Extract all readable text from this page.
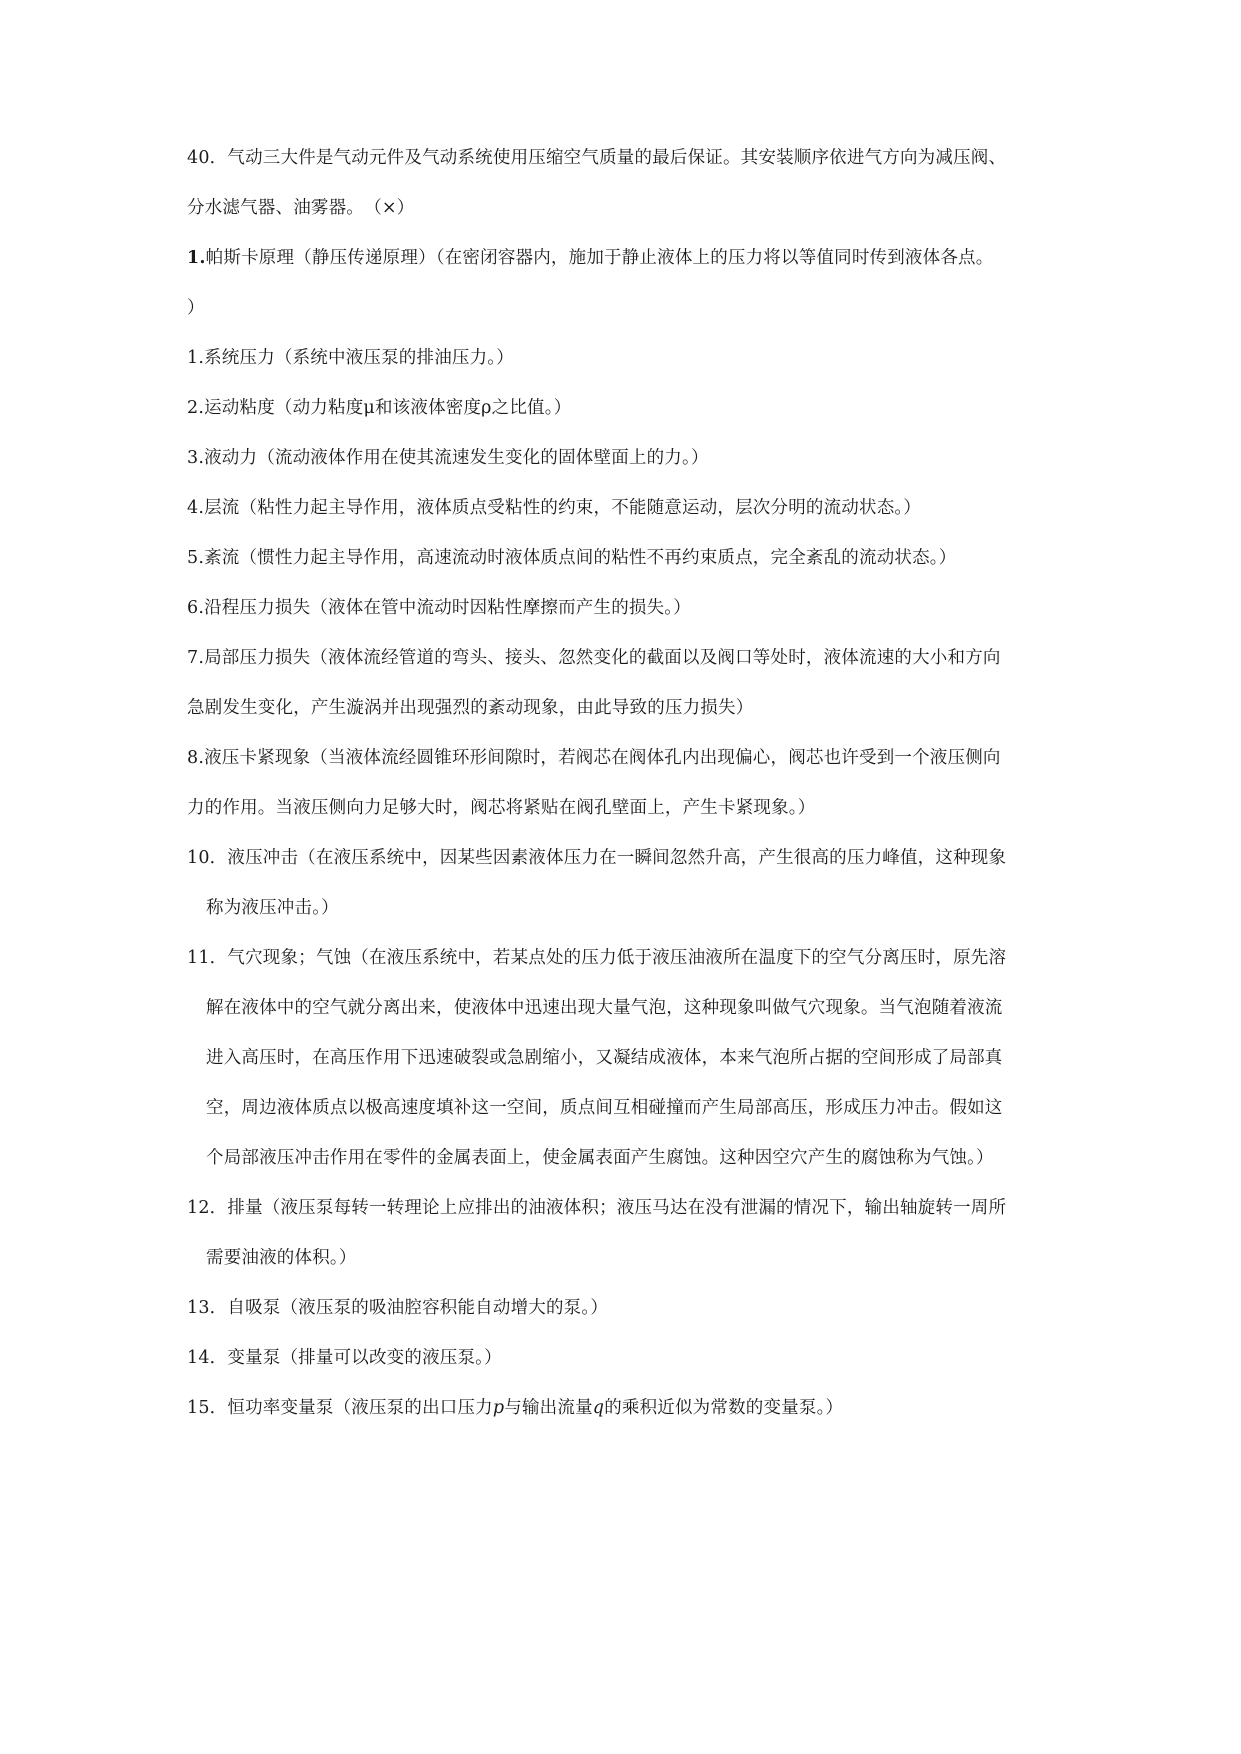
40．气动三大件是气动元件及气动系统使用压缩空气质量的最后保证。其安装顺序依进气方向为减压阀、

分水滤气器、油雾器。　（×）

1.帕斯卡原理（静压传递原理）（在密闭容器内，施加于静止液体上的压力将以等值同时传到液体各点。

）

1.系统压力（系统中液压泵的排油压力。）

2.运动粘度（动力粘度μ和该液体密度ρ之比值。）

3.液动力（流动液体作用在使其流速发生变化的固体壁面上的力。）

4.层流（粘性力起主导作用，液体质点受粘性的约束，不能随意运动，层次分明的流动状态。）

5.紊流（惯性力起主导作用，高速流动时液体质点间的粘性不再约束质点，完全紊乱的流动状态。）

6.沿程压力损失（液体在管中流动时因粘性摩擦而产生的损失。）

7.局部压力损失（液体流经管道的弯头、接头、忽然变化的截面以及阀口等处时，液体流速的大小和方向

急剧发生变化，产生漩涡并出现强烈的紊动现象，由此导致的压力损失）

8.液压卡紧现象（当液体流经圆锥环形间隙时，若阀芯在阀体孔内出现偏心，阀芯也许受到一个液压侧向

力的作用。当液压侧向力足够大时，阀芯将紧贴在阀孔壁面上，产生卡紧现象。）

10．液压冲击（在液压系统中，因某些因素液体压力在一瞬间忽然升高，产生很高的压力峰值，这种现象

称为液压冲击。）

11．气穴现象；气蚀（在液压系统中，若某点处的压力低于液压油液所在温度下的空气分离压时，原先溶

解在液体中的空气就分离出来，使液体中迅速出现大量气泡，这种现象叫做气穴现象。当气泡随着液流

进入高压时，在高压作用下迅速破裂或急剧缩小，又凝结成液体，本来气泡所占据的空间形成了局部真

空，周边液体质点以极高速度填补这一空间，质点间互相碰撞而产生局部高压，形成压力冲击。假如这

个局部液压冲击作用在零件的金属表面上，使金属表面产生腐蚀。这种因空穴产生的腐蚀称为气蚀。）

12．排量（液压泵每转一转理论上应排出的油液体积；液压马达在没有泄漏的情况下，输出轴旋转一周所

需要油液的体积。）

13．自吸泵（液压泵的吸油腔容积能自动增大的泵。）

14．变量泵（排量可以改变的液压泵。）

15．恒功率变量泵（液压泵的出口压力p与输出流量q的乘积近似为常数的变量泵。）
